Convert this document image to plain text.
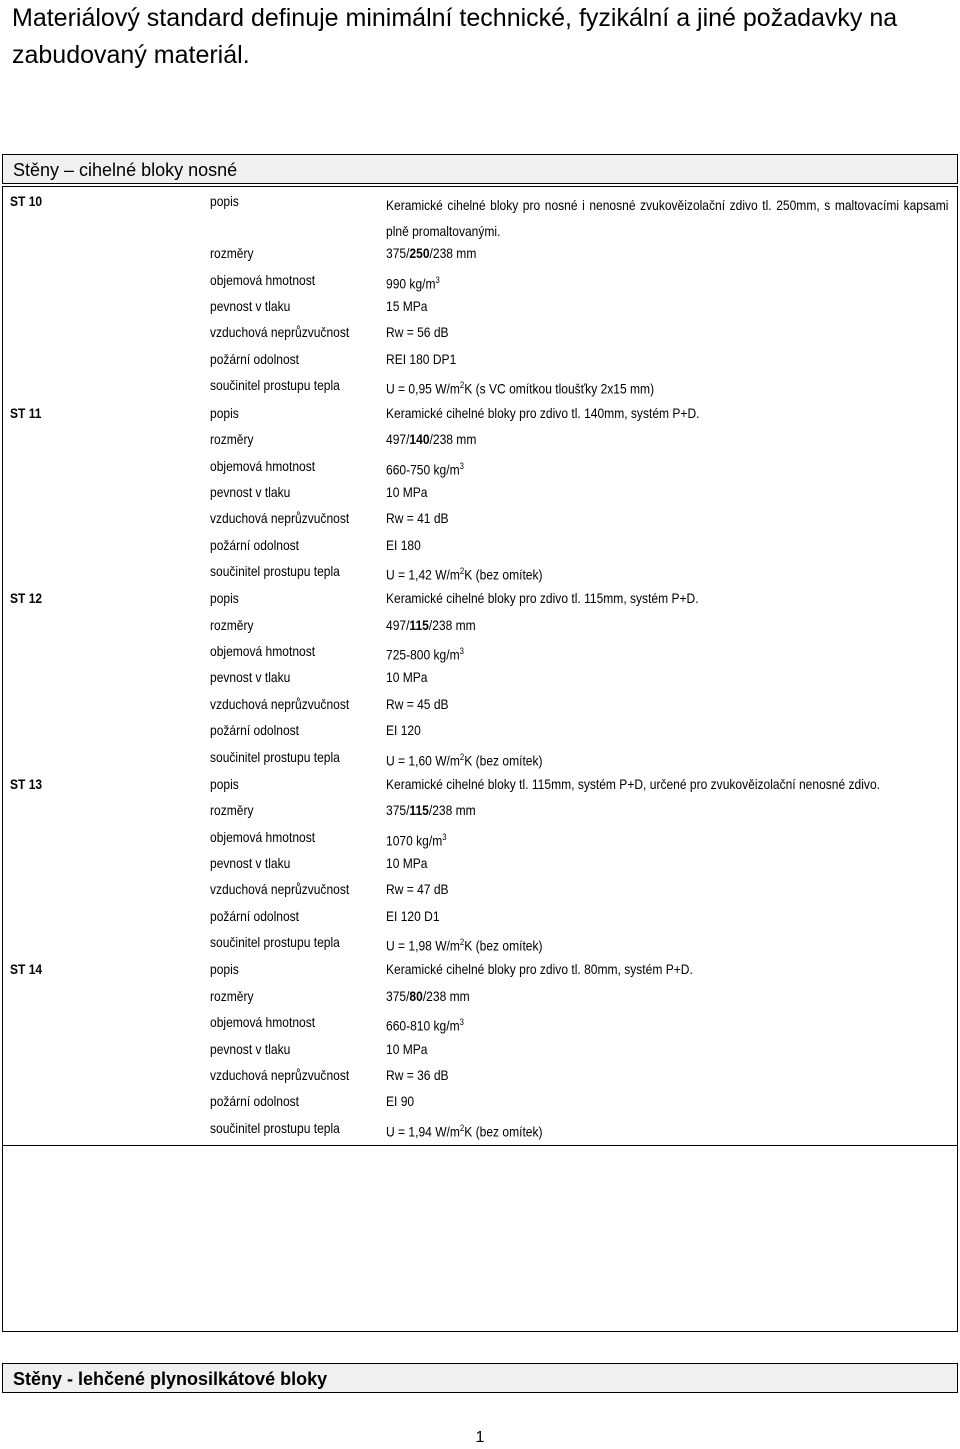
Materiálový standard definuje minimální technické, fyzikální a jiné požadavky na zabudovaný materiál.
Stěny – cihelné bloky nosné
ST 10	popis	Keramické cihelné bloky pro nosné i nenosné zvukověizolační zdivo tl. 250mm, s maltovacími kapsami plně promaltovanými.
rozměry	375/250/238 mm
objemová hmotnost	990 $kg/m^3$
pevnost v tlaku	15 MPa
vzduchová neprůzvučnost	Rw = 56 dB
požární odolnost	REI 180 DP1
součinitel prostupu tepla	U = 0,95 $W/m^2K$ (s VC omítkou tloušťky 2x15 mm)
ST 11	popis	Keramické cihelné bloky pro zdivo tl. 140mm, systém P+D.
rozměry	497/140/238 mm
objemová hmotnost	660-750 $kg/m^3$
pevnost v tlaku	10 MPa
vzduchová neprůzvučnost	Rw = 41 dB
požární odolnost	EI 180
součinitel prostupu tepla	U = 1,42 $W/m^2K$ (bez omítek)
ST 12	popis	Keramické cihelné bloky pro zdivo tl. 115mm, systém P+D.
rozměry	497/115/238 mm
objemová hmotnost	725-800 $kg/m^3$
pevnost v tlaku	10 MPa
vzduchová neprůzvučnost	Rw = 45 dB
požární odolnost	EI 120
součinitel prostupu tepla	U = 1,60 $W/m^2K$ (bez omítek)
ST 13	popis	Keramické cihelné bloky tl. 115mm, systém P+D, určené pro zvukověizolační nenosné zdivo.
rozměry	375/115/238 mm
objemová hmotnost	1070 $kg/m^3$
pevnost v tlaku	10 MPa
vzduchová neprůzvučnost	Rw = 47 dB
požární odolnost	EI 120 D1
součinitel prostupu tepla	U = 1,98 $W/m^2K$ (bez omítek)
ST 14	popis	Keramické cihelné bloky pro zdivo tl. 80mm, systém P+D.
rozměry	375/80/238 mm
objemová hmotnost	660-810 $kg/m^3$
pevnost v tlaku	10 MPa
vzduchová neprůzvučnost	Rw = 36 dB
požární odolnost	EI 90
součinitel prostupu tepla	U = 1,94 $W/m^2K$ (bez omítek)
Stěny - lehčené plynosilkátové bloky
1
